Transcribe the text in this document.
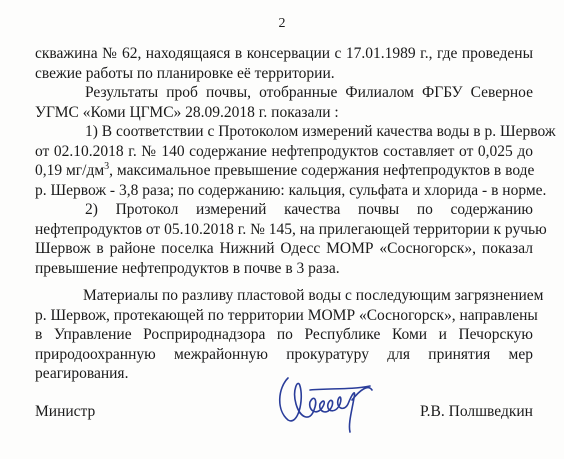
2
скважина № 62, находящаяся в консервации с 17.01.1989 г., где проведены
свежие работы по планировке её территории.
Результаты проб почвы, отобранные Филиалом ФГБУ Северное
УГМС «Коми ЦГМС» 28.09.2018 г. показали :
1) В соответствии с Протоколом измерений качества воды в р. Шервож
от 02.10.2018 г. № 140 содержание нефтепродуктов составляет от 0,025 до
0,19 $мг/дм^3$, максимальное превышение содержания нефтепродуктов в воде
р. Шервож - 3,8 раза; по содержанию: кальция, сульфата и хлорида - в норме.
2) Протокол измерений качества почвы по содержанию
нефтепродуктов от 05.10.2018 г. № 145, на прилегающей территории к ручью
Шервож в районе поселка Нижний Одесс МОМР «Сосногорск», показал
превышение нефтепродуктов в почве в 3 раза.
Материалы по разливу пластовой воды с последующим загрязнением
р. Шервож, протекающей по территории МОМР «Сосногорск», направлены
в Управление Росприроднадзора по Республике Коми и Печорскую
природоохранную межрайонную прокуратуру для принятия мер
реагирования.
Министр	Р.В. Полшведкин
